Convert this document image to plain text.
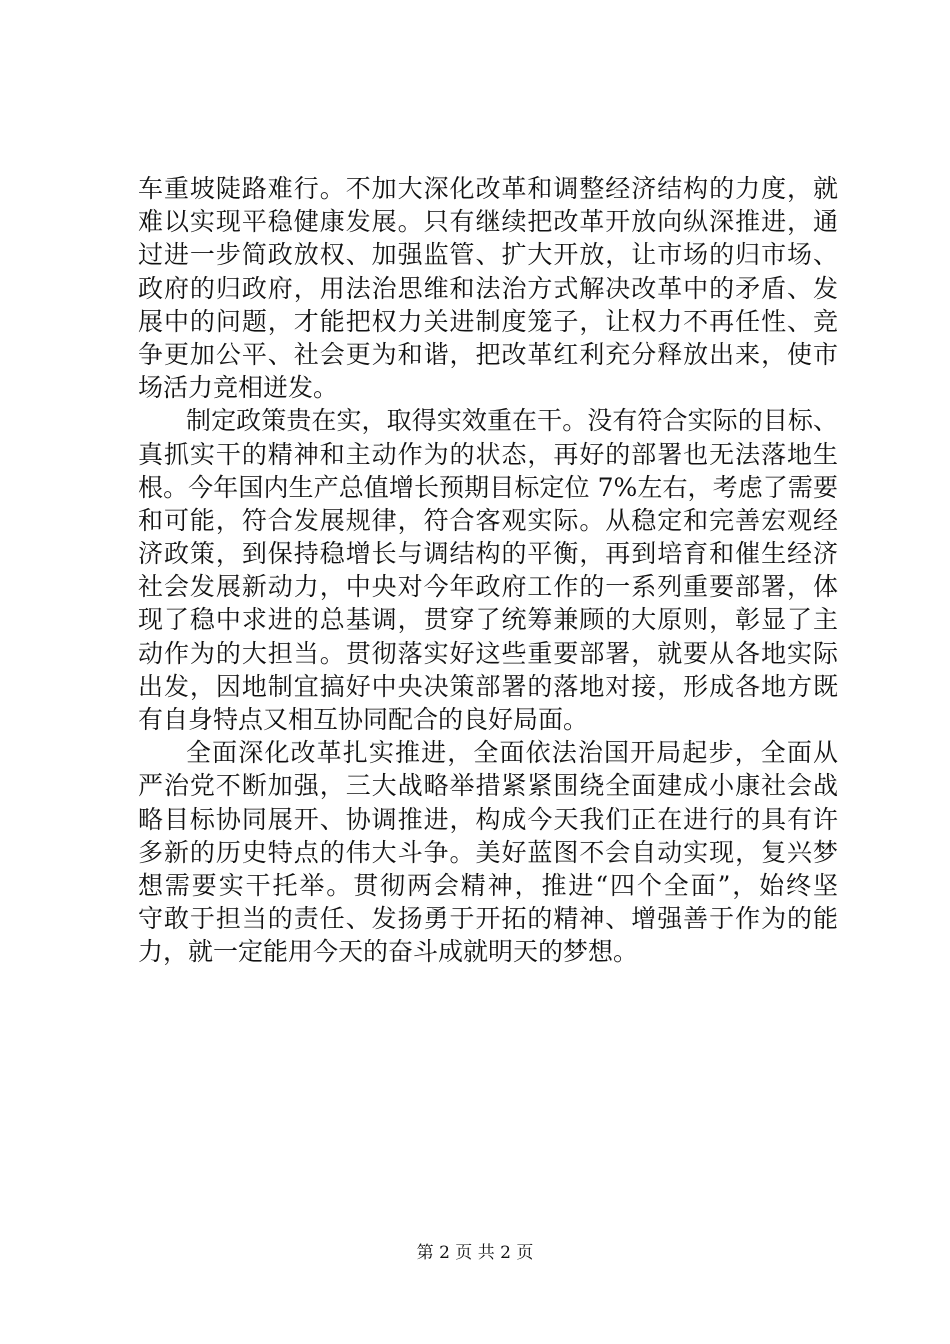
车重坡陡路难行。不加大深化改革和调整经济结构的力度，就
难以实现平稳健康发展。只有继续把改革开放向纵深推进，通
过进一步简政放权、加强监管、扩大开放，让市场的归市场、
政府的归政府，用法治思维和法治方式解决改革中的矛盾、发
展中的问题，才能把权力关进制度笼子，让权力不再任性、竞
争更加公平、社会更为和谐，把改革红利充分释放出来，使市
场活力竞相迸发。
制定政策贵在实，取得实效重在干。没有符合实际的目标、
真抓实干的精神和主动作为的状态，再好的部署也无法落地生
根。今年国内生产总值增长预期目标定位 7%左右，考虑了需要
和可能，符合发展规律，符合客观实际。从稳定和完善宏观经
济政策，到保持稳增长与调结构的平衡，再到培育和催生经济
社会发展新动力，中央对今年政府工作的一系列重要部署，体
现了稳中求进的总基调，贯穿了统筹兼顾的大原则，彰显了主
动作为的大担当。贯彻落实好这些重要部署，就要从各地实际
出发，因地制宜搞好中央决策部署的落地对接，形成各地方既
有自身特点又相互协同配合的良好局面。
全面深化改革扎实推进，全面依法治国开局起步，全面从
严治党不断加强，三大战略举措紧紧围绕全面建成小康社会战
略目标协同展开、协调推进，构成今天我们正在进行的具有许
多新的历史特点的伟大斗争。美好蓝图不会自动实现，复兴梦
想需要实干托举。贯彻两会精神，推进“四个全面”，始终坚
守敢于担当的责任、发扬勇于开拓的精神、增强善于作为的能
力，就一定能用今天的奋斗成就明天的梦想。
第 2 页 共 2 页
